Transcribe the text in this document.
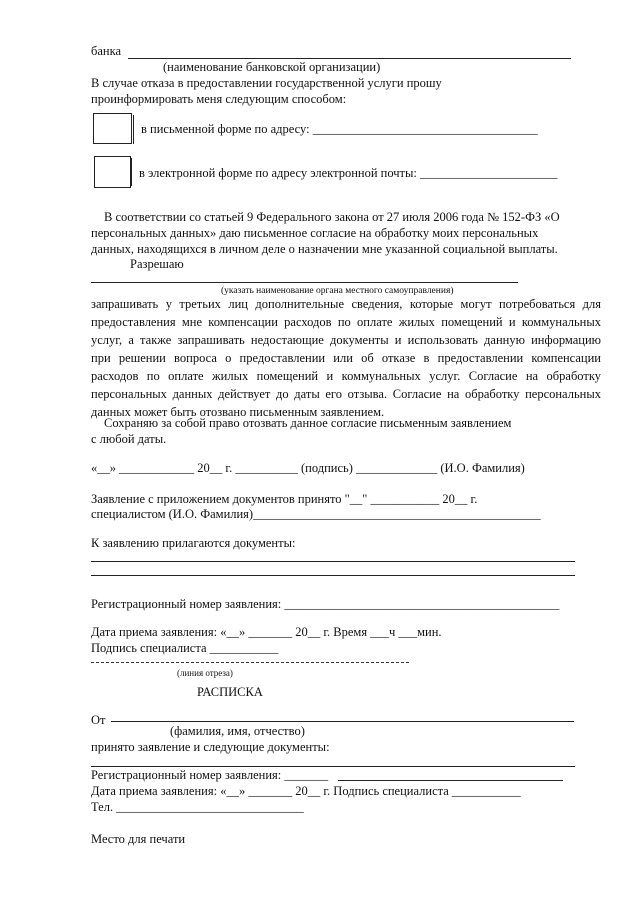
банка
(наименование банковской организации)
В случае отказа в предоставлении государственной услуги прошу
проинформировать меня следующим способом:
в письменной форме по адресу: ____________________________________
в электронной форме по адресу электронной почты: ______________________
В соответствии со статьей 9 Федерального закона от 27 июля 2006 года № 152-ФЗ «О
персональных данных» даю письменное согласие на обработку моих персональных
данных, находящихся в личном деле о назначении мне указанной социальной выплаты.
Разрешаю
(указать наименование органа местного самоуправления)
запрашивать у третьих лиц дополнительные сведения, которые могут потребоваться для
предоставления мне компенсации расходов по оплате жилых помещений и коммунальных
услуг, а также запрашивать недостающие документы и использовать данную информацию
при решении вопроса о предоставлении или об отказе в предоставлении компенсации
расходов по оплате жилых помещений и коммунальных услуг. Согласие на обработку
персональных данных действует до даты его отзыва. Согласие на обработку персональных
данных может быть отозвано письменным заявлением.
Сохраняю за собой право отозвать данное согласие письменным заявлением
с любой даты.
«__» ____________ 20__ г. __________ (подпись) _____________ (И.О. Фамилия)
Заявление с приложением документов принято "__" ___________ 20__ г.
специалистом (И.О. Фамилия)______________________________________________
К заявлению прилагаются документы:
Регистрационный номер заявления: ____________________________________________
Дата приема заявления: «__» _______ 20__ г. Время ___ч ___мин.
Подпись специалиста ___________
(линия отреза)
РАСПИСКА
От
(фамилия, имя, отчество)
принято заявление и следующие документы:
Регистрационный номер заявления: _______
Дата приема заявления: «__» _______ 20__ г. Подпись специалиста ___________
Тел. ______________________________
Место для печати
